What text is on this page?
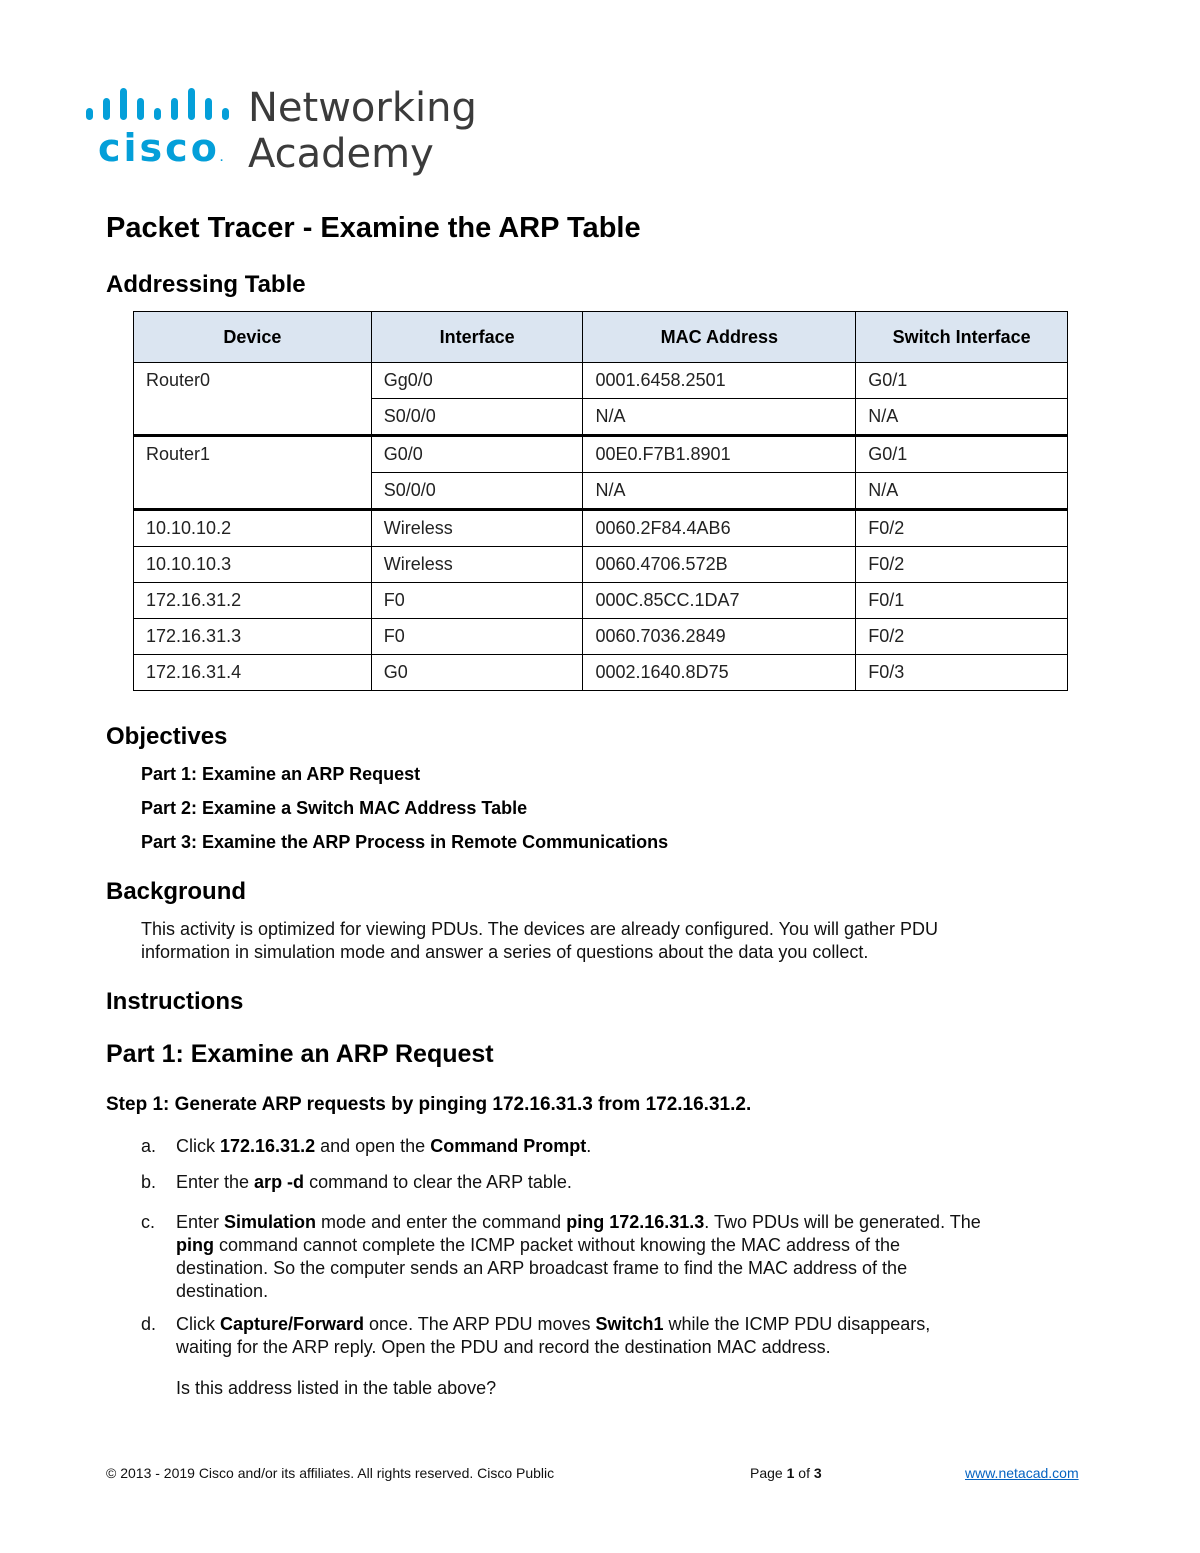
cisco.
Networking
Academy
Packet Tracer - Examine the ARP Table
Addressing Table
Device	Interface	MAC Address	Switch Interface
Router0	Gg0/0	0001.6458.2501	G0/1
	S0/0/0	N/A	N/A
Router1	G0/0	00E0.F7B1.8901	G0/1
	S0/0/0	N/A	N/A
10.10.10.2	Wireless	0060.2F84.4AB6	F0/2
10.10.10.3	Wireless	0060.4706.572B	F0/2
172.16.31.2	F0	000C.85CC.1DA7	F0/1
172.16.31.3	F0	0060.7036.2849	F0/2
172.16.31.4	G0	0002.1640.8D75	F0/3
Objectives
Part 1: Examine an ARP Request
Part 2: Examine a Switch MAC Address Table
Part 3: Examine the ARP Process in Remote Communications
Background
This activity is optimized for viewing PDUs. The devices are already configured. You will gather PDU
information in simulation mode and answer a series of questions about the data you collect.
Instructions
Part 1: Examine an ARP Request
Step 1: Generate ARP requests by pinging 172.16.31.3 from 172.16.31.2.
a.	Click 172.16.31.2 and open the Command Prompt.
b.	Enter the arp -d command to clear the ARP table.
c.	Enter Simulation mode and enter the command ping 172.16.31.3. Two PDUs will be generated. The
ping command cannot complete the ICMP packet without knowing the MAC address of the
destination. So the computer sends an ARP broadcast frame to find the MAC address of the
destination.
d.	Click Capture/Forward once. The ARP PDU moves Switch1 while the ICMP PDU disappears,
waiting for the ARP reply. Open the PDU and record the destination MAC address.
Is this address listed in the table above?
© 2013 - 2019 Cisco and/or its affiliates. All rights reserved. Cisco Public	Page 1 of 3	www.netacad.com
